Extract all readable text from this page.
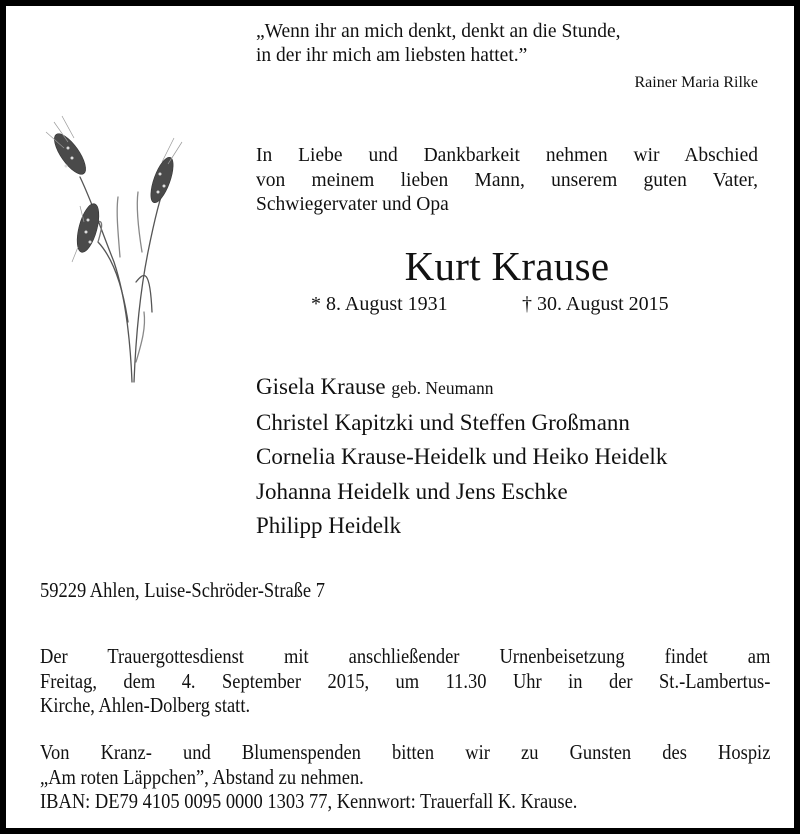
„Wenn ihr an mich denkt, denkt an die Stunde,
in der ihr mich am liebsten hattet.”
Rainer Maria Rilke
In Liebe und Dankbarkeit nehmen wir Abschied
von meinem lieben Mann, unserem guten Vater,
Schwiegervater und Opa
Kurt Krause
* 8. August 1931	† 30. August 2015
Gisela Krause geb. Neumann
Christel Kapitzki und Steffen Großmann
Cornelia Krause-Heidelk und Heiko Heidelk
Johanna Heidelk und Jens Eschke
Philipp Heidelk
59229 Ahlen, Luise-Schröder-Straße 7
Der Trauergottesdienst mit anschließender Urnenbeisetzung findet am
Freitag, dem 4. September 2015, um 11.30 Uhr in der St.-Lambertus-
Kirche, Ahlen-Dolberg statt.
Von Kranz- und Blumenspenden bitten wir zu Gunsten des Hospiz
„Am roten Läppchen”, Abstand zu nehmen.
IBAN: DE79 4105 0095 0000 1303 77, Kennwort: Trauerfall K. Krause.
